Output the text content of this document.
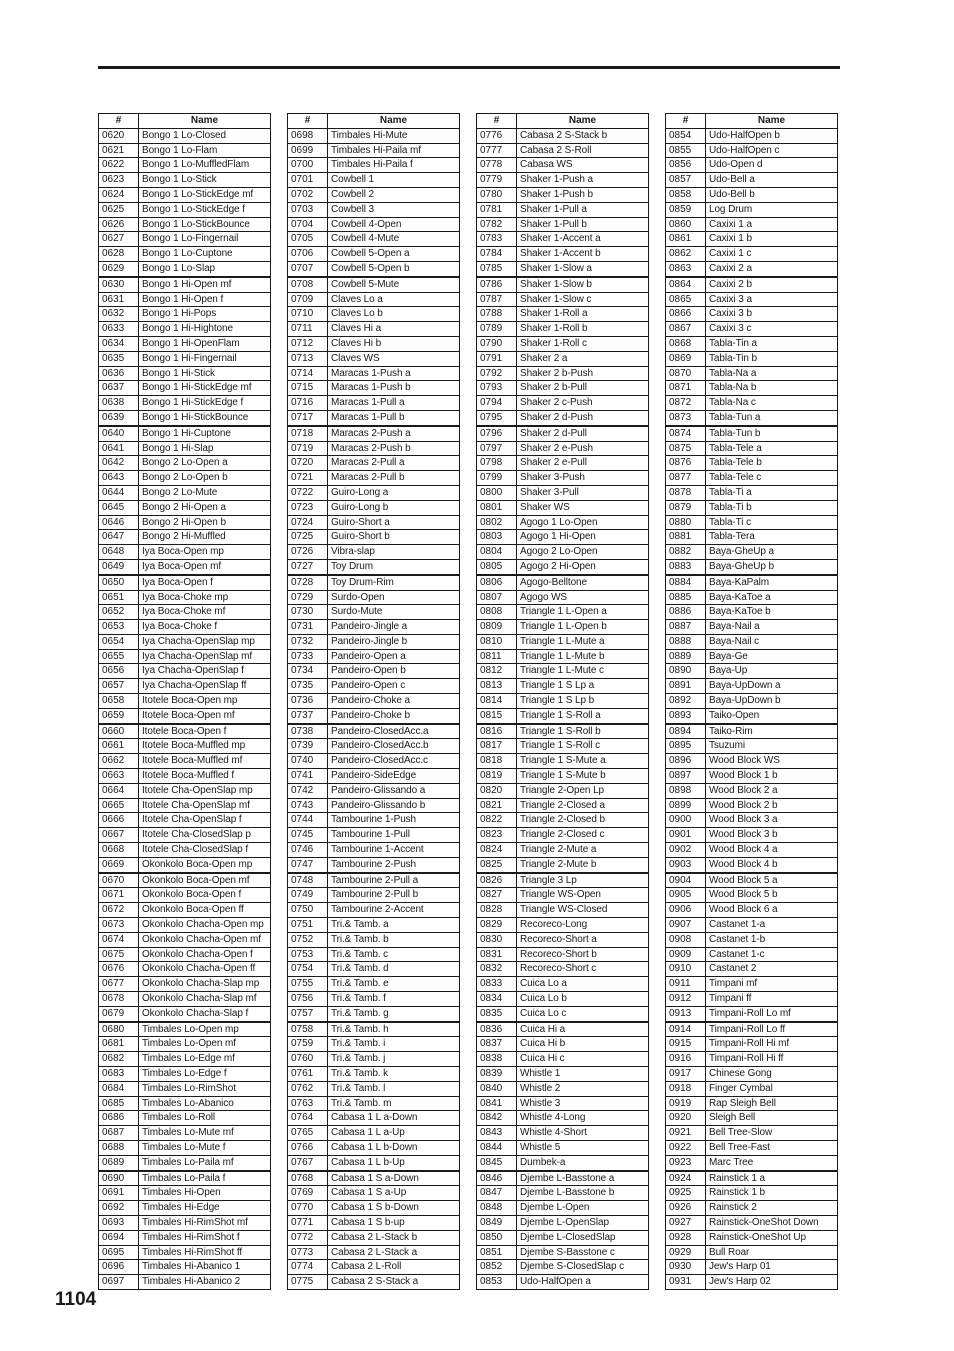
#	Name
0620	Bongo 1 Lo-Closed
0621	Bongo 1 Lo-Flam
0622	Bongo 1 Lo-MuffledFlam
0623	Bongo 1 Lo-Stick
0624	Bongo 1 Lo-StickEdge mf
0625	Bongo 1 Lo-StickEdge f
0626	Bongo 1 Lo-StickBounce
0627	Bongo 1 Lo-Fingernail
0628	Bongo 1 Lo-Cuptone
0629	Bongo 1 Lo-Slap
0630	Bongo 1 Hi-Open mf
0631	Bongo 1 Hi-Open f
0632	Bongo 1 Hi-Pops
0633	Bongo 1 Hi-Hightone
0634	Bongo 1 Hi-OpenFlam
0635	Bongo 1 Hi-Fingernail
0636	Bongo 1 Hi-Stick
0637	Bongo 1 Hi-StickEdge mf
0638	Bongo 1 Hi-StickEdge f
0639	Bongo 1 Hi-StickBounce
0640	Bongo 1 Hi-Cuptone
0641	Bongo 1 Hi-Slap
0642	Bongo 2 Lo-Open a
0643	Bongo 2 Lo-Open b
0644	Bongo 2 Lo-Mute
0645	Bongo 2 Hi-Open a
0646	Bongo 2 Hi-Open b
0647	Bongo 2 Hi-Muffled
0648	Iya Boca-Open mp
0649	Iya Boca-Open mf
0650	Iya Boca-Open f
0651	Iya Boca-Choke mp
0652	Iya Boca-Choke mf
0653	Iya Boca-Choke f
0654	Iya Chacha-OpenSlap mp
0655	Iya Chacha-OpenSlap mf
0656	Iya Chacha-OpenSlap f
0657	Iya Chacha-OpenSlap ff
0658	Itotele Boca-Open mp
0659	Itotele Boca-Open mf
0660	Itotele Boca-Open f
0661	Itotele Boca-Muffled mp
0662	Itotele Boca-Muffled mf
0663	Itotele Boca-Muffled f
0664	Itotele Cha-OpenSlap mp
0665	Itotele Cha-OpenSlap mf
0666	Itotele Cha-OpenSlap f
0667	Itotele Cha-ClosedSlap p
0668	Itotele Cha-ClosedSlap f
0669	Okonkolo Boca-Open mp
0670	Okonkolo Boca-Open mf
0671	Okonkolo Boca-Open f
0672	Okonkolo Boca-Open ff
0673	Okonkolo Chacha-Open mp
0674	Okonkolo Chacha-Open mf
0675	Okonkolo Chacha-Open f
0676	Okonkolo Chacha-Open ff
0677	Okonkolo Chacha-Slap mp
0678	Okonkolo Chacha-Slap mf
0679	Okonkolo Chacha-Slap f
0680	Timbales Lo-Open mp
0681	Timbales Lo-Open mf
0682	Timbales Lo-Edge mf
0683	Timbales Lo-Edge f
0684	Timbales Lo-RimShot
0685	Timbales Lo-Abanico
0686	Timbales Lo-Roll
0687	Timbales Lo-Mute mf
0688	Timbales Lo-Mute f
0689	Timbales Lo-Paila mf
0690	Timbales Lo-Paila f
0691	Timbales Hi-Open
0692	Timbales Hi-Edge
0693	Timbales Hi-RimShot mf
0694	Timbales Hi-RimShot f
0695	Timbales Hi-RimShot ff
0696	Timbales Hi-Abanico 1
0697	Timbales Hi-Abanico 2
#	Name
0698	Timbales Hi-Mute
0699	Timbales Hi-Paila mf
0700	Timbales Hi-Paila f
0701	Cowbell 1
0702	Cowbell 2
0703	Cowbell 3
0704	Cowbell 4-Open
0705	Cowbell 4-Mute
0706	Cowbell 5-Open a
0707	Cowbell 5-Open b
0708	Cowbell 5-Mute
0709	Claves Lo a
0710	Claves Lo b
0711	Claves Hi a
0712	Claves Hi b
0713	Claves WS
0714	Maracas 1-Push a
0715	Maracas 1-Push b
0716	Maracas 1-Pull a
0717	Maracas 1-Pull b
0718	Maracas 2-Push a
0719	Maracas 2-Push b
0720	Maracas 2-Pull a
0721	Maracas 2-Pull b
0722	Guiro-Long a
0723	Guiro-Long b
0724	Guiro-Short a
0725	Guiro-Short b
0726	Vibra-slap
0727	Toy Drum
0728	Toy Drum-Rim
0729	Surdo-Open
0730	Surdo-Mute
0731	Pandeiro-Jingle a
0732	Pandeiro-Jingle b
0733	Pandeiro-Open a
0734	Pandeiro-Open b
0735	Pandeiro-Open c
0736	Pandeiro-Choke a
0737	Pandeiro-Choke b
0738	Pandeiro-ClosedAcc.a
0739	Pandeiro-ClosedAcc.b
0740	Pandeiro-ClosedAcc.c
0741	Pandeiro-SideEdge
0742	Pandeiro-Glissando a
0743	Pandeiro-Glissando b
0744	Tambourine 1-Push
0745	Tambourine 1-Pull
0746	Tambourine 1-Accent
0747	Tambourine 2-Push
0748	Tambourine 2-Pull a
0749	Tambourine 2-Pull b
0750	Tambourine 2-Accent
0751	Tri.& Tamb. a
0752	Tri.& Tamb. b
0753	Tri.& Tamb. c
0754	Tri.& Tamb. d
0755	Tri.& Tamb. e
0756	Tri.& Tamb. f
0757	Tri.& Tamb. g
0758	Tri.& Tamb. h
0759	Tri.& Tamb. i
0760	Tri.& Tamb. j
0761	Tri.& Tamb. k
0762	Tri.& Tamb. l
0763	Tri.& Tamb. m
0764	Cabasa 1 L a-Down
0765	Cabasa 1 L a-Up
0766	Cabasa 1 L b-Down
0767	Cabasa 1 L b-Up
0768	Cabasa 1 S a-Down
0769	Cabasa 1 S a-Up
0770	Cabasa 1 S b-Down
0771	Cabasa 1 S b-up
0772	Cabasa 2 L-Stack b
0773	Cabasa 2 L-Stack a
0774	Cabasa 2 L-Roll
0775	Cabasa 2 S-Stack a
#	Name
0776	Cabasa 2 S-Stack b
0777	Cabasa 2 S-Roll
0778	Cabasa WS
0779	Shaker 1-Push a
0780	Shaker 1-Push b
0781	Shaker 1-Pull a
0782	Shaker 1-Pull b
0783	Shaker 1-Accent a
0784	Shaker 1-Accent b
0785	Shaker 1-Slow a
0786	Shaker 1-Slow b
0787	Shaker 1-Slow c
0788	Shaker 1-Roll a
0789	Shaker 1-Roll b
0790	Shaker 1-Roll c
0791	Shaker 2 a
0792	Shaker 2 b-Push
0793	Shaker 2 b-Pull
0794	Shaker 2 c-Push
0795	Shaker 2 d-Push
0796	Shaker 2 d-Pull
0797	Shaker 2 e-Push
0798	Shaker 2 e-Pull
0799	Shaker 3-Push
0800	Shaker 3-Pull
0801	Shaker WS
0802	Agogo 1 Lo-Open
0803	Agogo 1 Hi-Open
0804	Agogo 2 Lo-Open
0805	Agogo 2 Hi-Open
0806	Agogo-Belltone
0807	Agogo WS
0808	Triangle 1 L-Open a
0809	Triangle 1 L-Open b
0810	Triangle 1 L-Mute a
0811	Triangle 1 L-Mute b
0812	Triangle 1 L-Mute c
0813	Triangle 1 S Lp a
0814	Triangle 1 S Lp b
0815	Triangle 1 S-Roll a
0816	Triangle 1 S-Roll b
0817	Triangle 1 S-Roll c
0818	Triangle 1 S-Mute a
0819	Triangle 1 S-Mute b
0820	Triangle 2-Open Lp
0821	Triangle 2-Closed a
0822	Triangle 2-Closed b
0823	Triangle 2-Closed c
0824	Triangle 2-Mute a
0825	Triangle 2-Mute b
0826	Triangle 3 Lp
0827	Triangle WS-Open
0828	Triangle WS-Closed
0829	Recoreco-Long
0830	Recoreco-Short a
0831	Recoreco-Short b
0832	Recoreco-Short c
0833	Cuica Lo a
0834	Cuica Lo b
0835	Cuica Lo c
0836	Cuica Hi a
0837	Cuica Hi b
0838	Cuica Hi c
0839	Whistle 1
0840	Whistle 2
0841	Whistle 3
0842	Whistle 4-Long
0843	Whistle 4-Short
0844	Whistle 5
0845	Dumbek-a
0846	Djembe L-Basstone a
0847	Djembe L-Basstone b
0848	Djembe L-Open
0849	Djembe L-OpenSlap
0850	Djembe L-ClosedSlap
0851	Djembe S-Basstone c
0852	Djembe S-ClosedSlap c
0853	Udo-HalfOpen a
#	Name
0854	Udo-HalfOpen b
0855	Udo-HalfOpen c
0856	Udo-Open d
0857	Udo-Bell a
0858	Udo-Bell b
0859	Log Drum
0860	Caxixi 1 a
0861	Caxixi 1 b
0862	Caxixi 1 c
0863	Caxixi 2 a
0864	Caxixi 2 b
0865	Caxixi 3 a
0866	Caxixi 3 b
0867	Caxixi 3 c
0868	Tabla-Tin a
0869	Tabla-Tin b
0870	Tabla-Na a
0871	Tabla-Na b
0872	Tabla-Na c
0873	Tabla-Tun a
0874	Tabla-Tun b
0875	Tabla-Tele a
0876	Tabla-Tele b
0877	Tabla-Tele c
0878	Tabla-Ti a
0879	Tabla-Ti b
0880	Tabla-Ti c
0881	Tabla-Tera
0882	Baya-GheUp a
0883	Baya-GheUp b
0884	Baya-KaPalm
0885	Baya-KaToe a
0886	Baya-KaToe b
0887	Baya-Nail a
0888	Baya-Nail c
0889	Baya-Ge
0890	Baya-Up
0891	Baya-UpDown a
0892	Baya-UpDown b
0893	Taiko-Open
0894	Taiko-Rim
0895	Tsuzumi
0896	Wood Block WS
0897	Wood Block 1 b
0898	Wood Block 2 a
0899	Wood Block 2 b
0900	Wood Block 3 a
0901	Wood Block 3 b
0902	Wood Block 4 a
0903	Wood Block 4 b
0904	Wood Block 5 a
0905	Wood Block 5 b
0906	Wood Block 6 a
0907	Castanet 1-a
0908	Castanet 1-b
0909	Castanet 1-c
0910	Castanet 2
0911	Timpani mf
0912	Timpani ff
0913	Timpani-Roll Lo mf
0914	Timpani-Roll Lo ff
0915	Timpani-Roll Hi mf
0916	Timpani-Roll Hi ff
0917	Chinese Gong
0918	Finger Cymbal
0919	Rap Sleigh Bell
0920	Sleigh Bell
0921	Bell Tree-Slow
0922	Bell Tree-Fast
0923	Marc Tree
0924	Rainstick 1 a
0925	Rainstick 1 b
0926	Rainstick 2
0927	Rainstick-OneShot Down
0928	Rainstick-OneShot Up
0929	Bull Roar
0930	Jew's Harp 01
0931	Jew's Harp 02
1104
